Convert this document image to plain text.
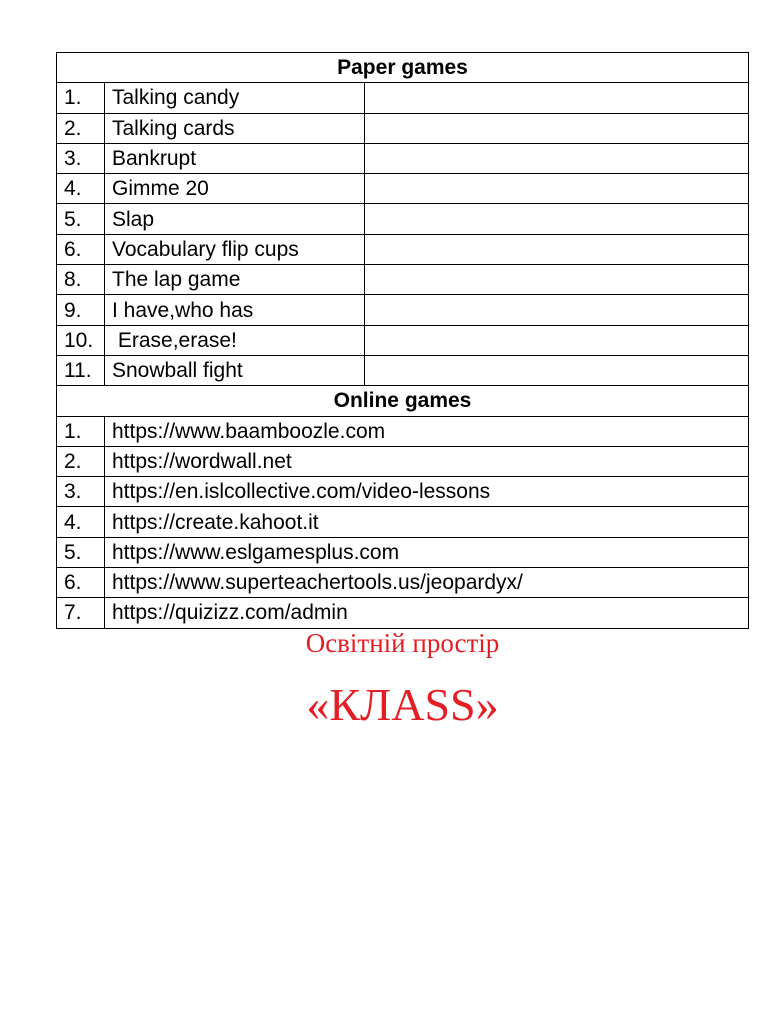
Paper games		
1.	Talking candy	
2.	Talking cards	
3.	Bankrupt	
4.	Gimme 20	
5.	Slap	
6.	Vocabulary flip cups	
8.	The lap game	
9.	I have,who has	
10.	Erase,erase!	
11.	Snowball fight	
Online games		
1.	https://www.baamboozle.com	
2.	https://wordwall.net	
3.	https://en.islcollective.com/video-lessons	
4.	https://create.kahoot.it	
5.	https://www.eslgamesplus.com	
6.	https://www.superteachertools.us/jeopardyx/	
7.	https://quizizz.com/admin	
Освітній простір
«КЛАSS»
